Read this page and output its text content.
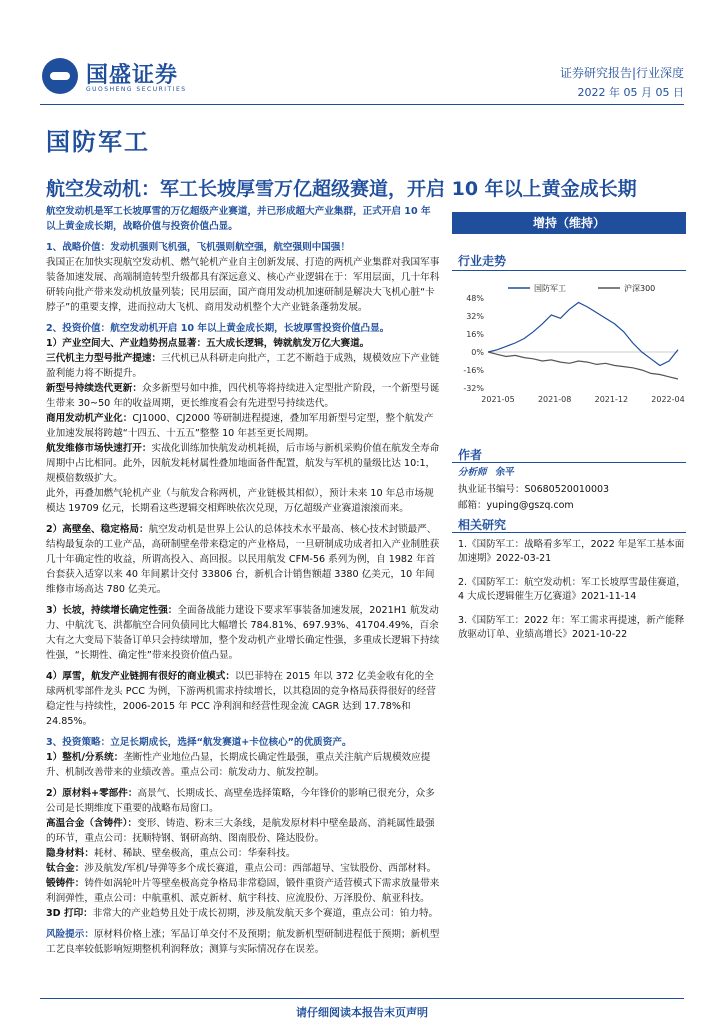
国盛证券
GUOSHENG SECURITIES
证券研究报告|行业深度
2022 年 05 月 05 日
国防军工
航空发动机：军工长坡厚雪万亿超级赛道，开启 10 年以上黄金成长期

航空发动机是军工长坡厚雪的万亿超级产业赛道，并已形成超大产业集群，正式开启 10 年以上黄金成长期，战略价值与投资价值凸显。

1、战略价值：发动机强则飞机强，飞机强则航空强，航空强则中国强！
我国正在加快实现航空发动机、燃气轮机产业自主创新发展、打造的两机产业集群对我国军事装备加速发展、高端制造转型升级都具有深远意义、核心产业逻辑在于：军用层面，几十年科研转向批产带来发动机放量列装；民用层面，国产商用发动机加速研制是解决大飞机心脏“卡脖子”的重要支撑，进而拉动大飞机、商用发动机整个大产业链条蓬勃发展。

2、投资价值：航空发动机开启 10 年以上黄金成长期，长坡厚雪投资价值凸显。

1）产业空间大、产业趋势拐点显著：五大成长逻辑，铸就航发万亿大赛道。

三代机主力型号批产提速：三代机已从科研走向批产，工艺不断趋于成熟，规模效应下产业链盈利能力将不断提升。

新型号持续迭代更新：众多新型号如中推，四代机等将持续进入定型批产阶段，一个新型号诞生带来 30~50 年的收益周期，更长维度看会有先进型号持续迭代。

商用发动机产业化：CJ1000、CJ2000 等研制进程提速，叠加军用新型号定型，整个航发产业加速发展将跨越“十四五、十五五”整整 10 年甚至更长周期。

航发维修市场快速打开：实战化训练加快航发动机耗损，后市场与新机采购价值在航发全寿命周期中占比相同。此外，因航发耗材属性叠加地面备件配置，航发与军机的量级比达 10:1，规模倍数级扩大。

此外，再叠加燃气轮机产业（与航发合称两机，产业链极其相似），预计未来 10 年总市场规模达 19709 亿元，长期看这些逻辑交相辉映依次兑现，万亿超级产业赛道滚滚而来。

2）高壁垒、稳定格局：航空发动机是世界上公认的总体技术水平最高、核心技术封锁最严、结构最复杂的工业产品，高研制壁垒带来稳定的产业格局，一旦研制成功成者扣入产业制胜获几十年确定性的收益，所谓高投入、高回报。以民用航发 CFM-56 系列为例，自 1982 年首台套获入适穿以来 40 年间累计交付 33806 台，新机合计销售额超 3380 亿美元，10 年间维修市场高达 780 亿美元。

3）长坡，持续增长确定性强：全面备战能力建设下要求军事装备加速发展，2021H1 航发动力、中航沈飞、洪都航空合同负债同比大幅增长 784.81%、697.93%、41704.49%，百余大有之大变局下装备订单只会持续增加，整个发动机产业增长确定性强，多重成长逻辑下持续性强，“长期性、确定性”带来投资价值凸显。

4）厚雪，航发产业链拥有很好的商业模式：以巴菲特在 2015 年以 372 亿美金收有化的全球两机零部件龙头 PCC 为例，下游两机需求持续增长，以其稳固的竞争格局获得很好的经营稳定性与持续性，2006-2015 年 PCC 净利润和经营性现金流 CAGR 达到 17.78%和 24.85%。

3、投资策略：立足长期成长，选择“航发赛道+卡位核心”的优质资产。

1）整机/分系统：垄断性产业地位凸显，长期成长确定性最强，重点关注航产后规模效应提升、机制改善带来的业绩改善。重点公司：航发动力、航发控制。

2）原材料+零部件：高景气、长期成长、高壁垒选择策略，今年锋价的影响已很充分，众多公司是长期维度下重要的战略布局窗口。

高温合金（含铸件）：变形、铸造、粉末三大条线，是航发原材料中壁垒最高、消耗属性最强的环节，重点公司：抚顺特钢、钢研高纳、图南股份、隆达股份。

隐身材料：耗材、稀缺、壁垒极高，重点公司：华秦科技。

钛合金：涉及航发/军机/导弹等多个成长赛道，重点公司：西部超导、宝钛股份、西部材料。

锻铸件：铸件如涡轮叶片等壁垒极高竞争格局非常稳固，锻件重资产适营模式下需求放量带来利润弹性，重点公司：中航重机、派克新材、航宇科技、应流股份、万泽股份、航亚科技。

3D 打印：非常大的产业趋势且处于成长初期，涉及航发航天多个赛道，重点公司：铂力特。

风险提示：原材料价格上涨；军品订单交付不及预期；航发新机型研制进程低于预期；新机型工艺良率较低影响短期整机利润释放；测算与实际情况存在误差。

增持（维持）
行业走势
48%
32%
16%
0%
-16%
-32%
2021-05	2021-08	2021-12	2022-04
国防军工	沪深300
作者
分析师 余平
执业证书编号：S0680520010003
邮箱：yuping@gszq.com
相关研究
1.《国防军工：战略看多军工，2022 年是军工基本面加速期》2022-03-21
2.《国防军工：航空发动机：军工长坡厚雪最佳赛道，4 大成长逻辑催生万亿赛道》2021-11-14
3.《国防军工：2022 年：军工需求再提速，新产能释放驱动订单、业绩高增长》2021-10-22
请仔细阅读本报告末页声明
